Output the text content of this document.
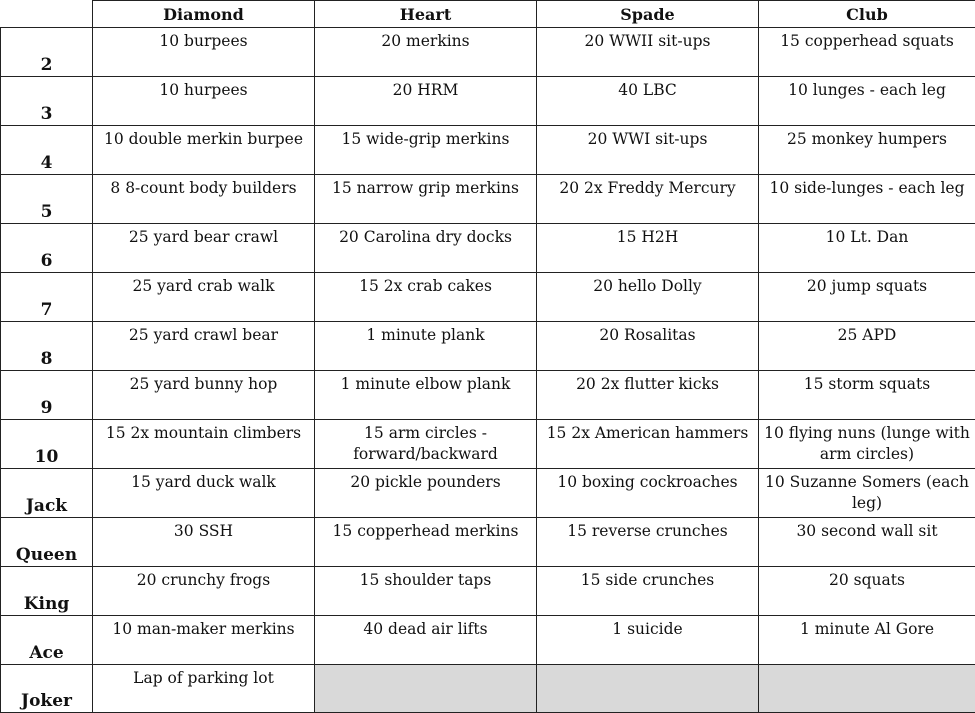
	Diamond	Heart	Spade	Club
2	10 burpees	20 merkins	20 WWII sit-ups	15 copperhead squats
3	10 hurpees	20 HRM	40 LBC	10 lunges - each leg
4	10 double merkin burpee	15 wide-grip merkins	20 WWI sit-ups	25 monkey humpers
5	8 8-count body builders	15 narrow grip merkins	20 2x Freddy Mercury	10 side-lunges - each leg
6	25 yard bear crawl	20 Carolina dry docks	15 H2H	10 Lt. Dan
7	25 yard crab walk	15 2x crab cakes	20 hello Dolly	20 jump squats
8	25 yard crawl bear	1 minute plank	20 Rosalitas	25 APD
9	25 yard bunny hop	1 minute elbow plank	20 2x flutter kicks	15 storm squats
10	15 2x mountain climbers	15 arm circles - forward/backward	15 2x American hammers	10 flying nuns (lunge with arm circles)
Jack	15 yard duck walk	20 pickle pounders	10 boxing cockroaches	10 Suzanne Somers (each leg)
Queen	30 SSH	15 copperhead merkins	15 reverse crunches	30 second wall sit
King	20 crunchy frogs	15 shoulder taps	15 side crunches	20 squats
Ace	10 man-maker merkins	40 dead air lifts	1 suicide	1 minute Al Gore
Joker	Lap of parking lot			
